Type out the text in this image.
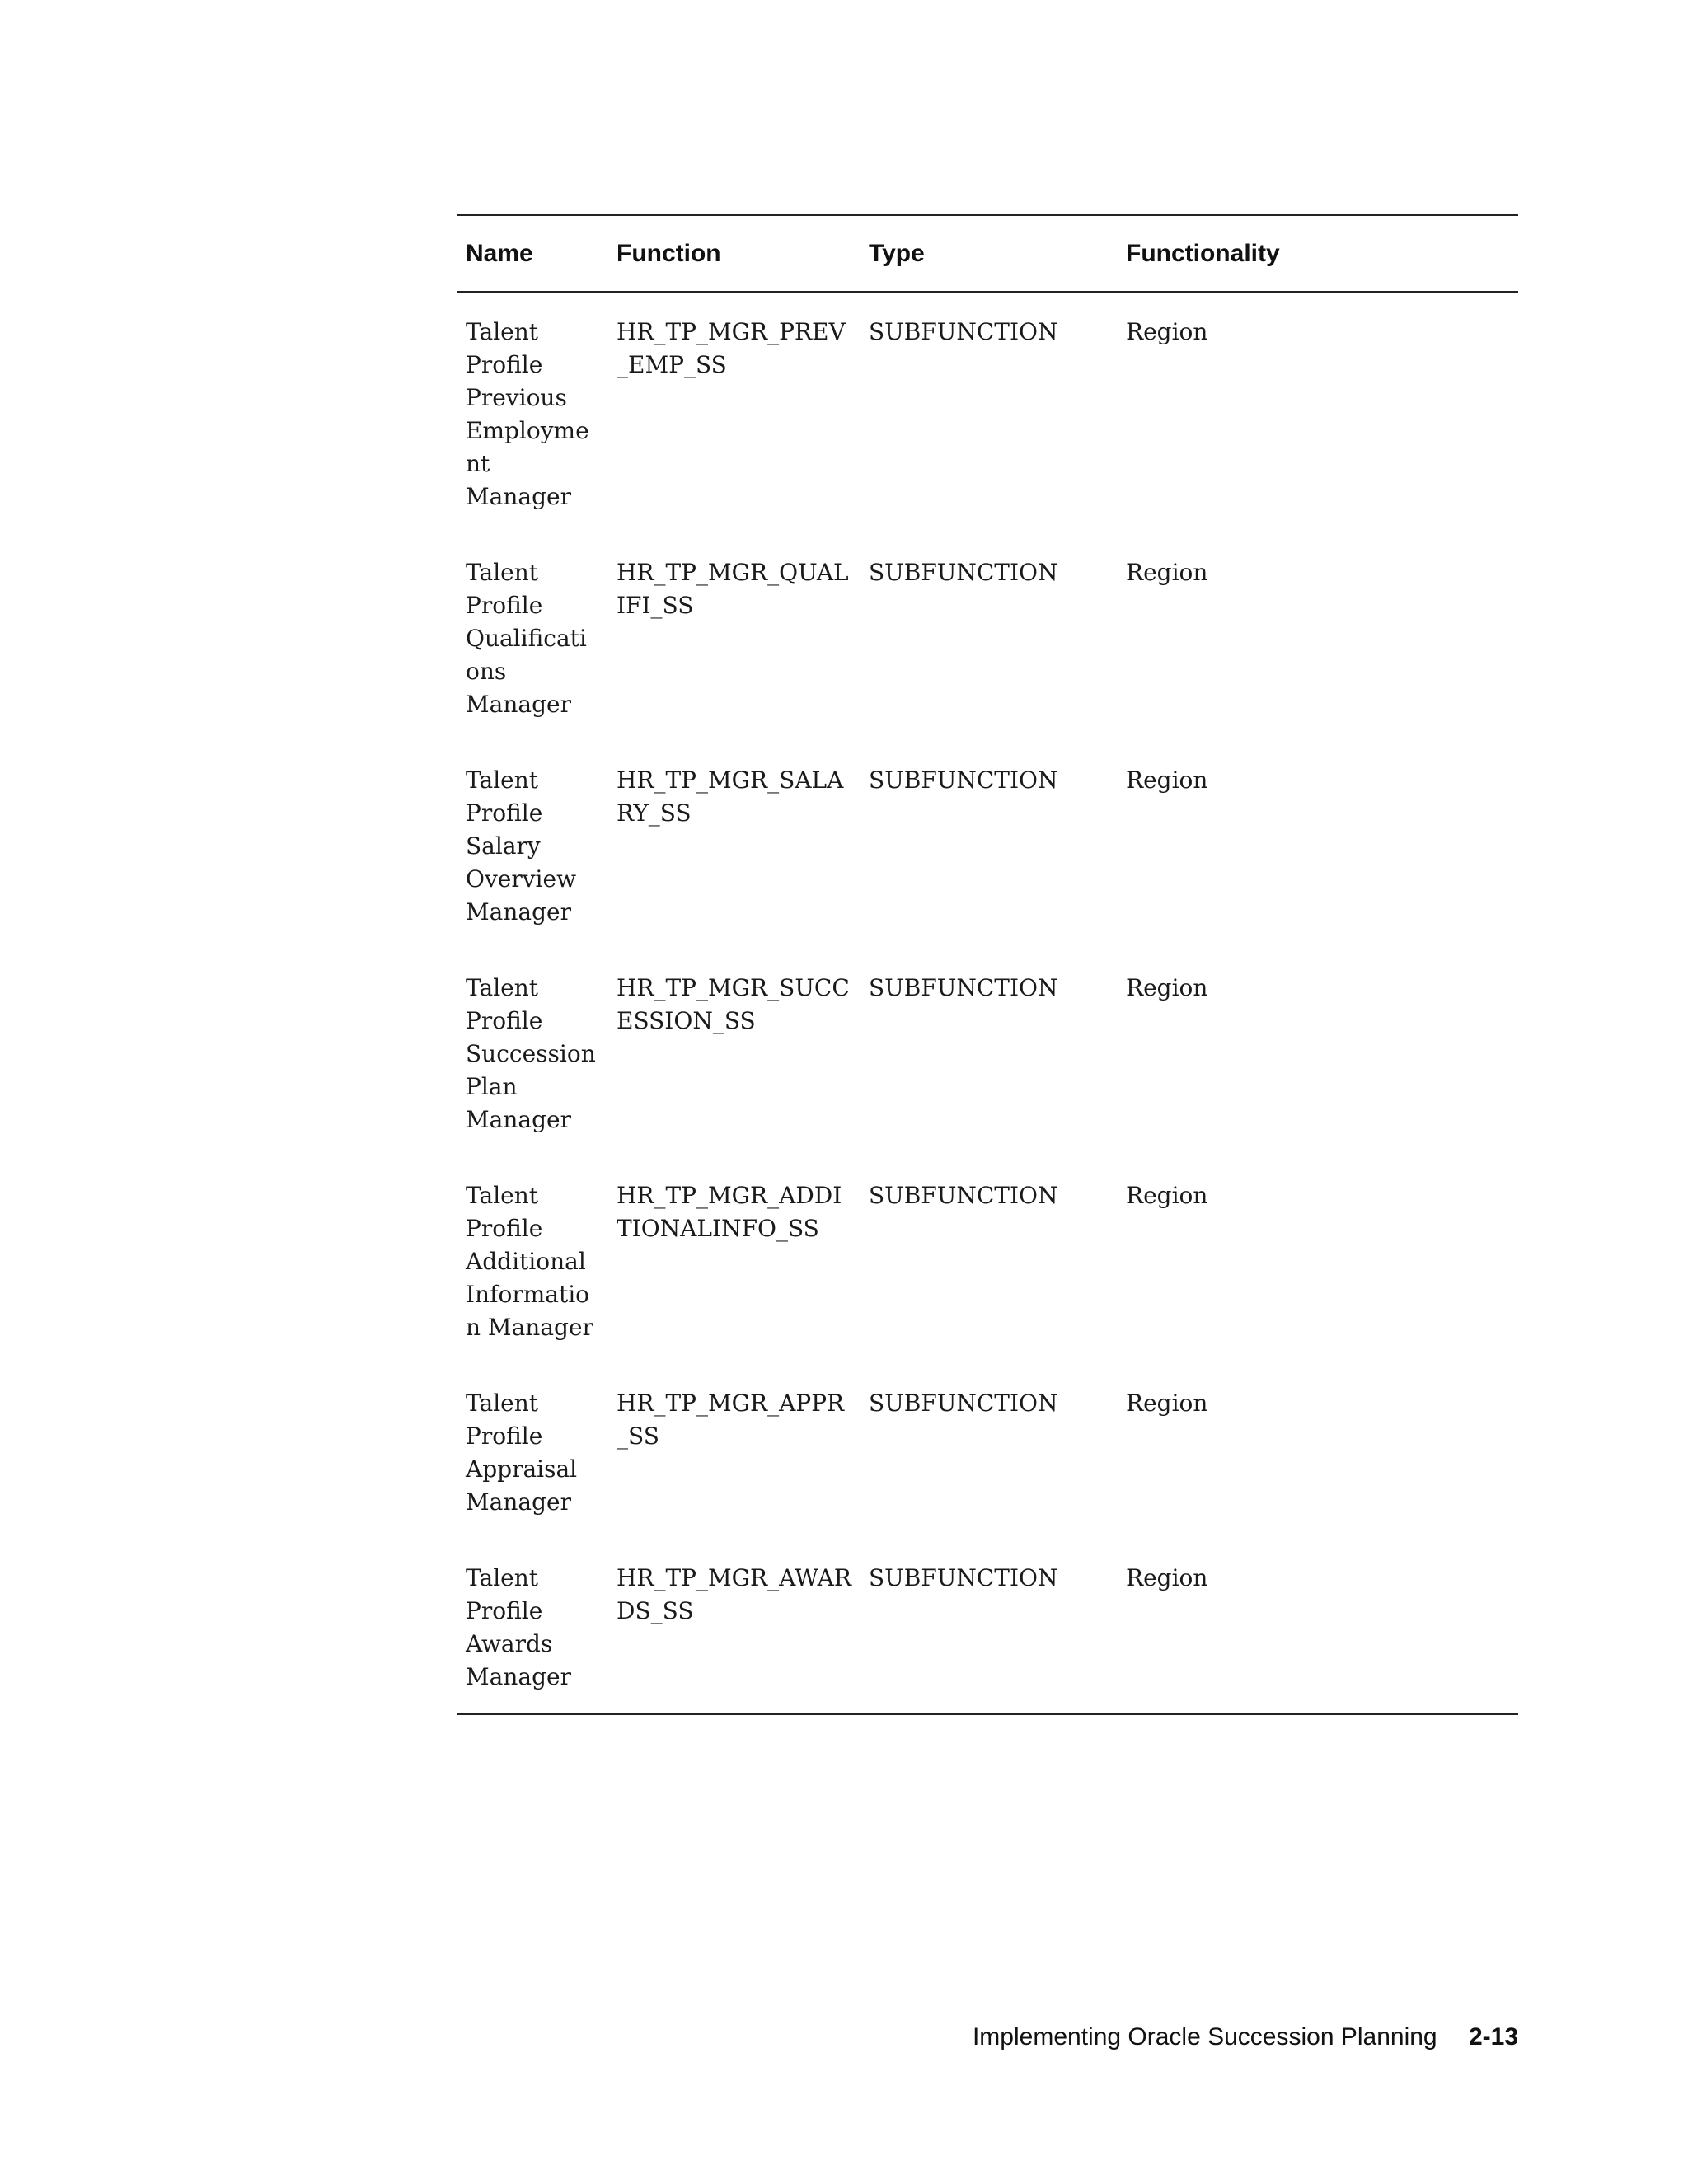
Name	Function	Type	Functionality
Talent Profile Previous Employment Manager	HR_TP_MGR_PREV_EMP_SS	SUBFUNCTION	Region
Talent Profile Qualifications Manager	HR_TP_MGR_QUALIFI_SS	SUBFUNCTION	Region
Talent Profile Salary Overview Manager	HR_TP_MGR_SALARY_SS	SUBFUNCTION	Region
Talent Profile Succession Plan Manager	HR_TP_MGR_SUCCESSION_SS	SUBFUNCTION	Region
Talent Profile Additional Information Manager	HR_TP_MGR_ADDITIONALINFO_SS	SUBFUNCTION	Region
Talent Profile Appraisal Manager	HR_TP_MGR_APPR_SS	SUBFUNCTION	Region
Talent Profile Awards Manager	HR_TP_MGR_AWARDS_SS	SUBFUNCTION	Region
Implementing Oracle Succession Planning 2-13
